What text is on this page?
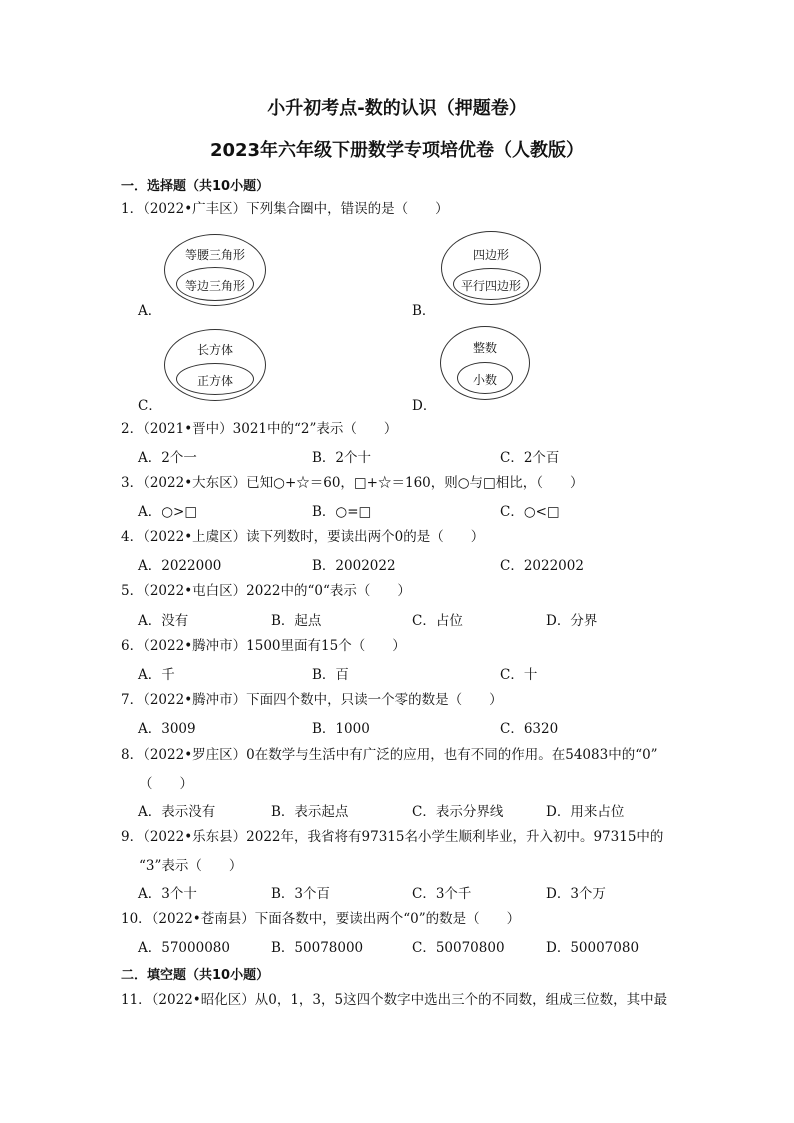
小升初考点-数的认识（押题卷）
2023年六年级下册数学专项培优卷（人教版）
一．选择题（共10小题）
1．（2022•广丰区）下列集合圈中，错误的是（　　）
A．
等腰三角形
等边三角形
B．
四边形
平行四边形
C．
长方体
正方体
D．
整数
小数
2．（2021•晋中）3021中的“2”表示（　　）
A．2个一	B．2个十	C．2个百
3．（2022•大东区）已知○+☆＝60，□+☆＝160，则○与□相比，（　　）
A．○>□	B．○=□	C．○<□
4．（2022•上虞区）读下列数时，要读出两个0的是（　　）
A．2022000	B．2002022	C．2022002
5．（2022•屯白区）2022中的“0“表示（　　）
A．没有	B．起点	C．占位	D．分界
6．（2022•腾冲市）1500里面有15个（　　）
A．千	B．百	C．十
7．（2022•腾冲市）下面四个数中，只读一个零的数是（　　）
A．3009	B．1000	C．6320
8．（2022•罗庄区）0在数学与生活中有广泛的应用，也有不同的作用。在54083中的“0”
（　　）
A．表示没有	B．表示起点	C．表示分界线	D．用来占位
9．（2022•乐东县）2022年，我省将有97315名小学生顺利毕业，升入初中。97315中的
“3”表示（　　）
A．3个十	B．3个百	C．3个千	D．3个万
10．（2022•苍南县）下面各数中，要读出两个“0”的数是（　　）
A．57000080	B．50078000	C．50070800	D．50007080
二．填空题（共10小题）
11．（2022•昭化区）从0，1，3，5这四个数字中选出三个的不同数，组成三位数，其中最
